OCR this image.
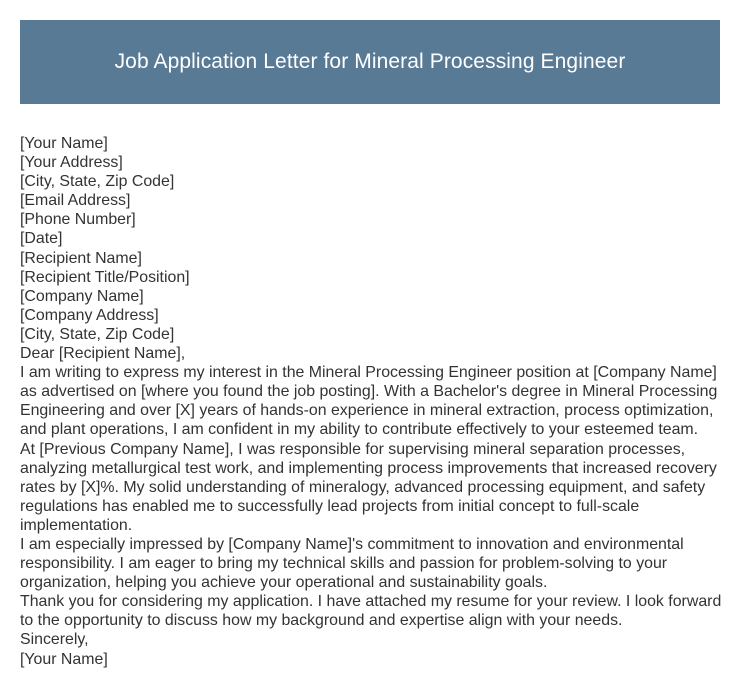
Job Application Letter for Mineral Processing Engineer
[Your Name]
[Your Address]
[City, State, Zip Code]
[Email Address]
[Phone Number]
[Date]
[Recipient Name]
[Recipient Title/Position]
[Company Name]
[Company Address]
[City, State, Zip Code]
Dear [Recipient Name],
I am writing to express my interest in the Mineral Processing Engineer position at [Company Name] as advertised on [where you found the job posting]. With a Bachelor's degree in Mineral Processing Engineering and over [X] years of hands-on experience in mineral extraction, process optimization, and plant operations, I am confident in my ability to contribute effectively to your esteemed team.
At [Previous Company Name], I was responsible for supervising mineral separation processes, analyzing metallurgical test work, and implementing process improvements that increased recovery rates by [X]%. My solid understanding of mineralogy, advanced processing equipment, and safety regulations has enabled me to successfully lead projects from initial concept to full-scale implementation.
I am especially impressed by [Company Name]'s commitment to innovation and environmental responsibility. I am eager to bring my technical skills and passion for problem-solving to your organization, helping you achieve your operational and sustainability goals.
Thank you for considering my application. I have attached my resume for your review. I look forward to the opportunity to discuss how my background and expertise align with your needs.
Sincerely,
[Your Name]
